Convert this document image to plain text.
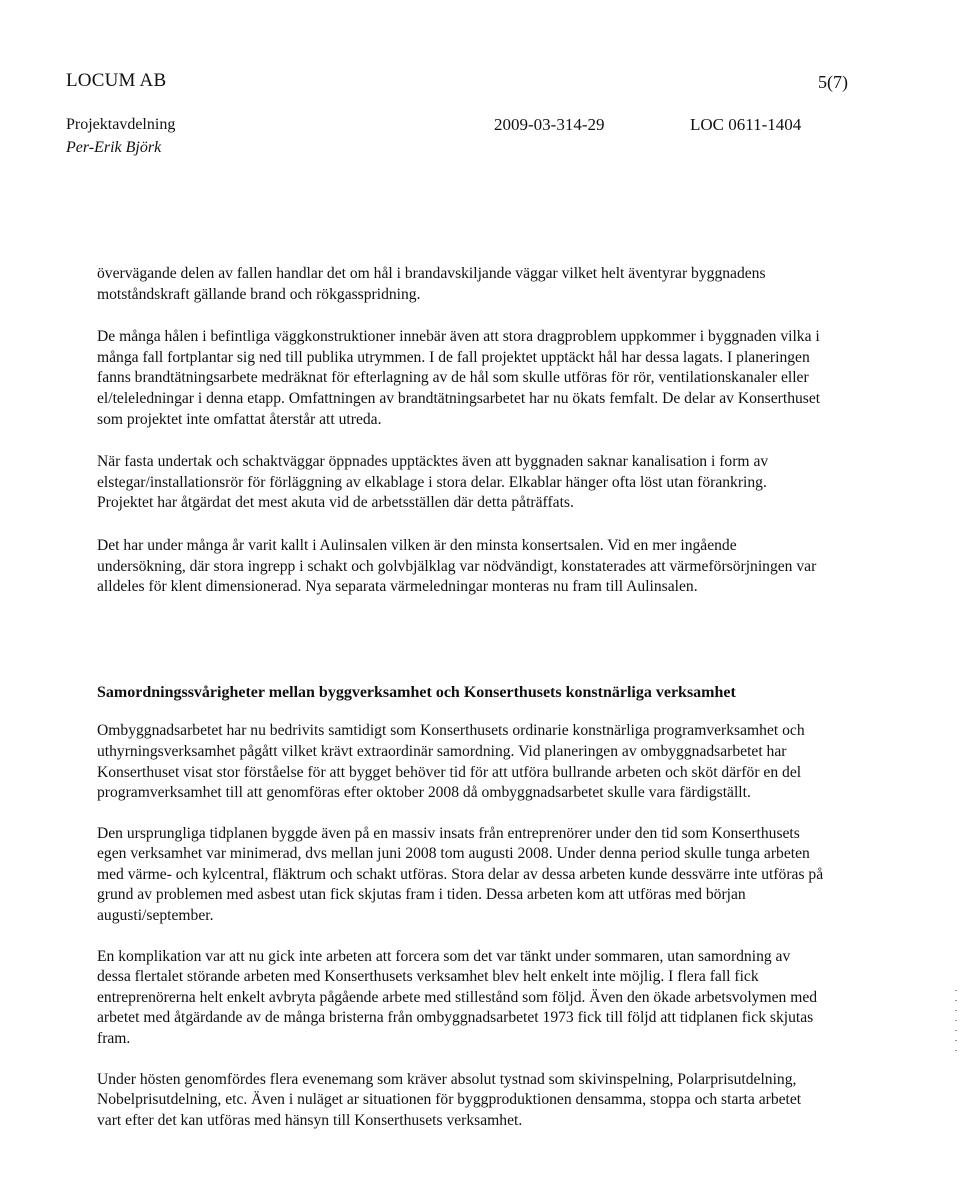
LOCUM AB	5(7)
Projektavdelning
Per-Erik Björk
2009-03-314-29	LOC 0611-1404

övervägande delen av fallen handlar det om hål i brandavskiljande väggar vilket helt äventyrar byggnadens motståndskraft gällande brand och rökgasspridning.

De många hålen i befintliga väggkonstruktioner innebär även att stora dragproblem uppkommer i byggnaden vilka i många fall fortplantar sig ned till publika utrymmen. I de fall projektet upptäckt hål har dessa lagats. I planeringen fanns brandtätningsarbete medräknat för efterlagning av de hål som skulle utföras för rör, ventilationskanaler eller el/teleledningar i denna etapp. Omfattningen av brandtätningsarbetet har nu ökats femfalt. De delar av Konserthuset som projektet inte omfattat återstår att utreda.

När fasta undertak och schaktväggar öppnades upptäcktes även att byggnaden saknar kanalisation i form av elstegar/installationsrör för förläggning av elkablage i stora delar. Elkablar hänger ofta löst utan förankring. Projektet har åtgärdat det mest akuta vid de arbetsställen där detta påträffats.

Det har under många år varit kallt i Aulinsalen vilken är den minsta konsertsalen. Vid en mer ingående undersökning, där stora ingrepp i schakt och golvbjälklag var nödvändigt, konstaterades att värmeförsörjningen var alldeles för klent dimensionerad. Nya separata värmeledningar monteras nu fram till Aulinsalen.

Samordningssvårigheter mellan byggverksamhet och Konserthusets konstnärliga verksamhet

Ombyggnadsarbetet har nu bedrivits samtidigt som Konserthusets ordinarie konstnärliga programverksamhet och uthyrningsverksamhet pågått vilket krävt extraordinär samordning. Vid planeringen av ombyggnadsarbetet har Konserthuset visat stor förståelse för att bygget behöver tid för att utföra bullrande arbeten och sköt därför en del programverksamhet till att genomföras efter oktober 2008 då ombyggnadsarbetet skulle vara färdigställt.

Den ursprungliga tidplanen byggde även på en massiv insats från entreprenörer under den tid som Konserthusets egen verksamhet var minimerad, dvs mellan juni 2008 tom augusti 2008. Under denna period skulle tunga arbeten med värme- och kylcentral, fläktrum och schakt utföras. Stora delar av dessa arbeten kunde dessvärre inte utföras på grund av problemen med asbest utan fick skjutas fram i tiden. Dessa arbeten kom att utföras med början augusti/september.

En komplikation var att nu gick inte arbeten att forcera som det var tänkt under sommaren, utan samordning av dessa flertalet störande arbeten med Konserthusets verksamhet blev helt enkelt inte möjlig. I flera fall fick entreprenörerna helt enkelt avbryta pågående arbete med stillestånd som följd. Även den ökade arbetsvolymen med arbetet med åtgärdande av de många bristerna från ombyggnadsarbetet 1973 fick till följd att tidplanen fick skjutas fram.

Under hösten genomfördes flera evenemang som kräver absolut tystnad som skivinspelning, Polarprisutdelning, Nobelprisutdelning, etc. Även i nuläget ar situationen för byggproduktionen densamma, stoppa och starta arbetet vart efter det kan utföras med hänsyn till Konserthusets verksamhet.
